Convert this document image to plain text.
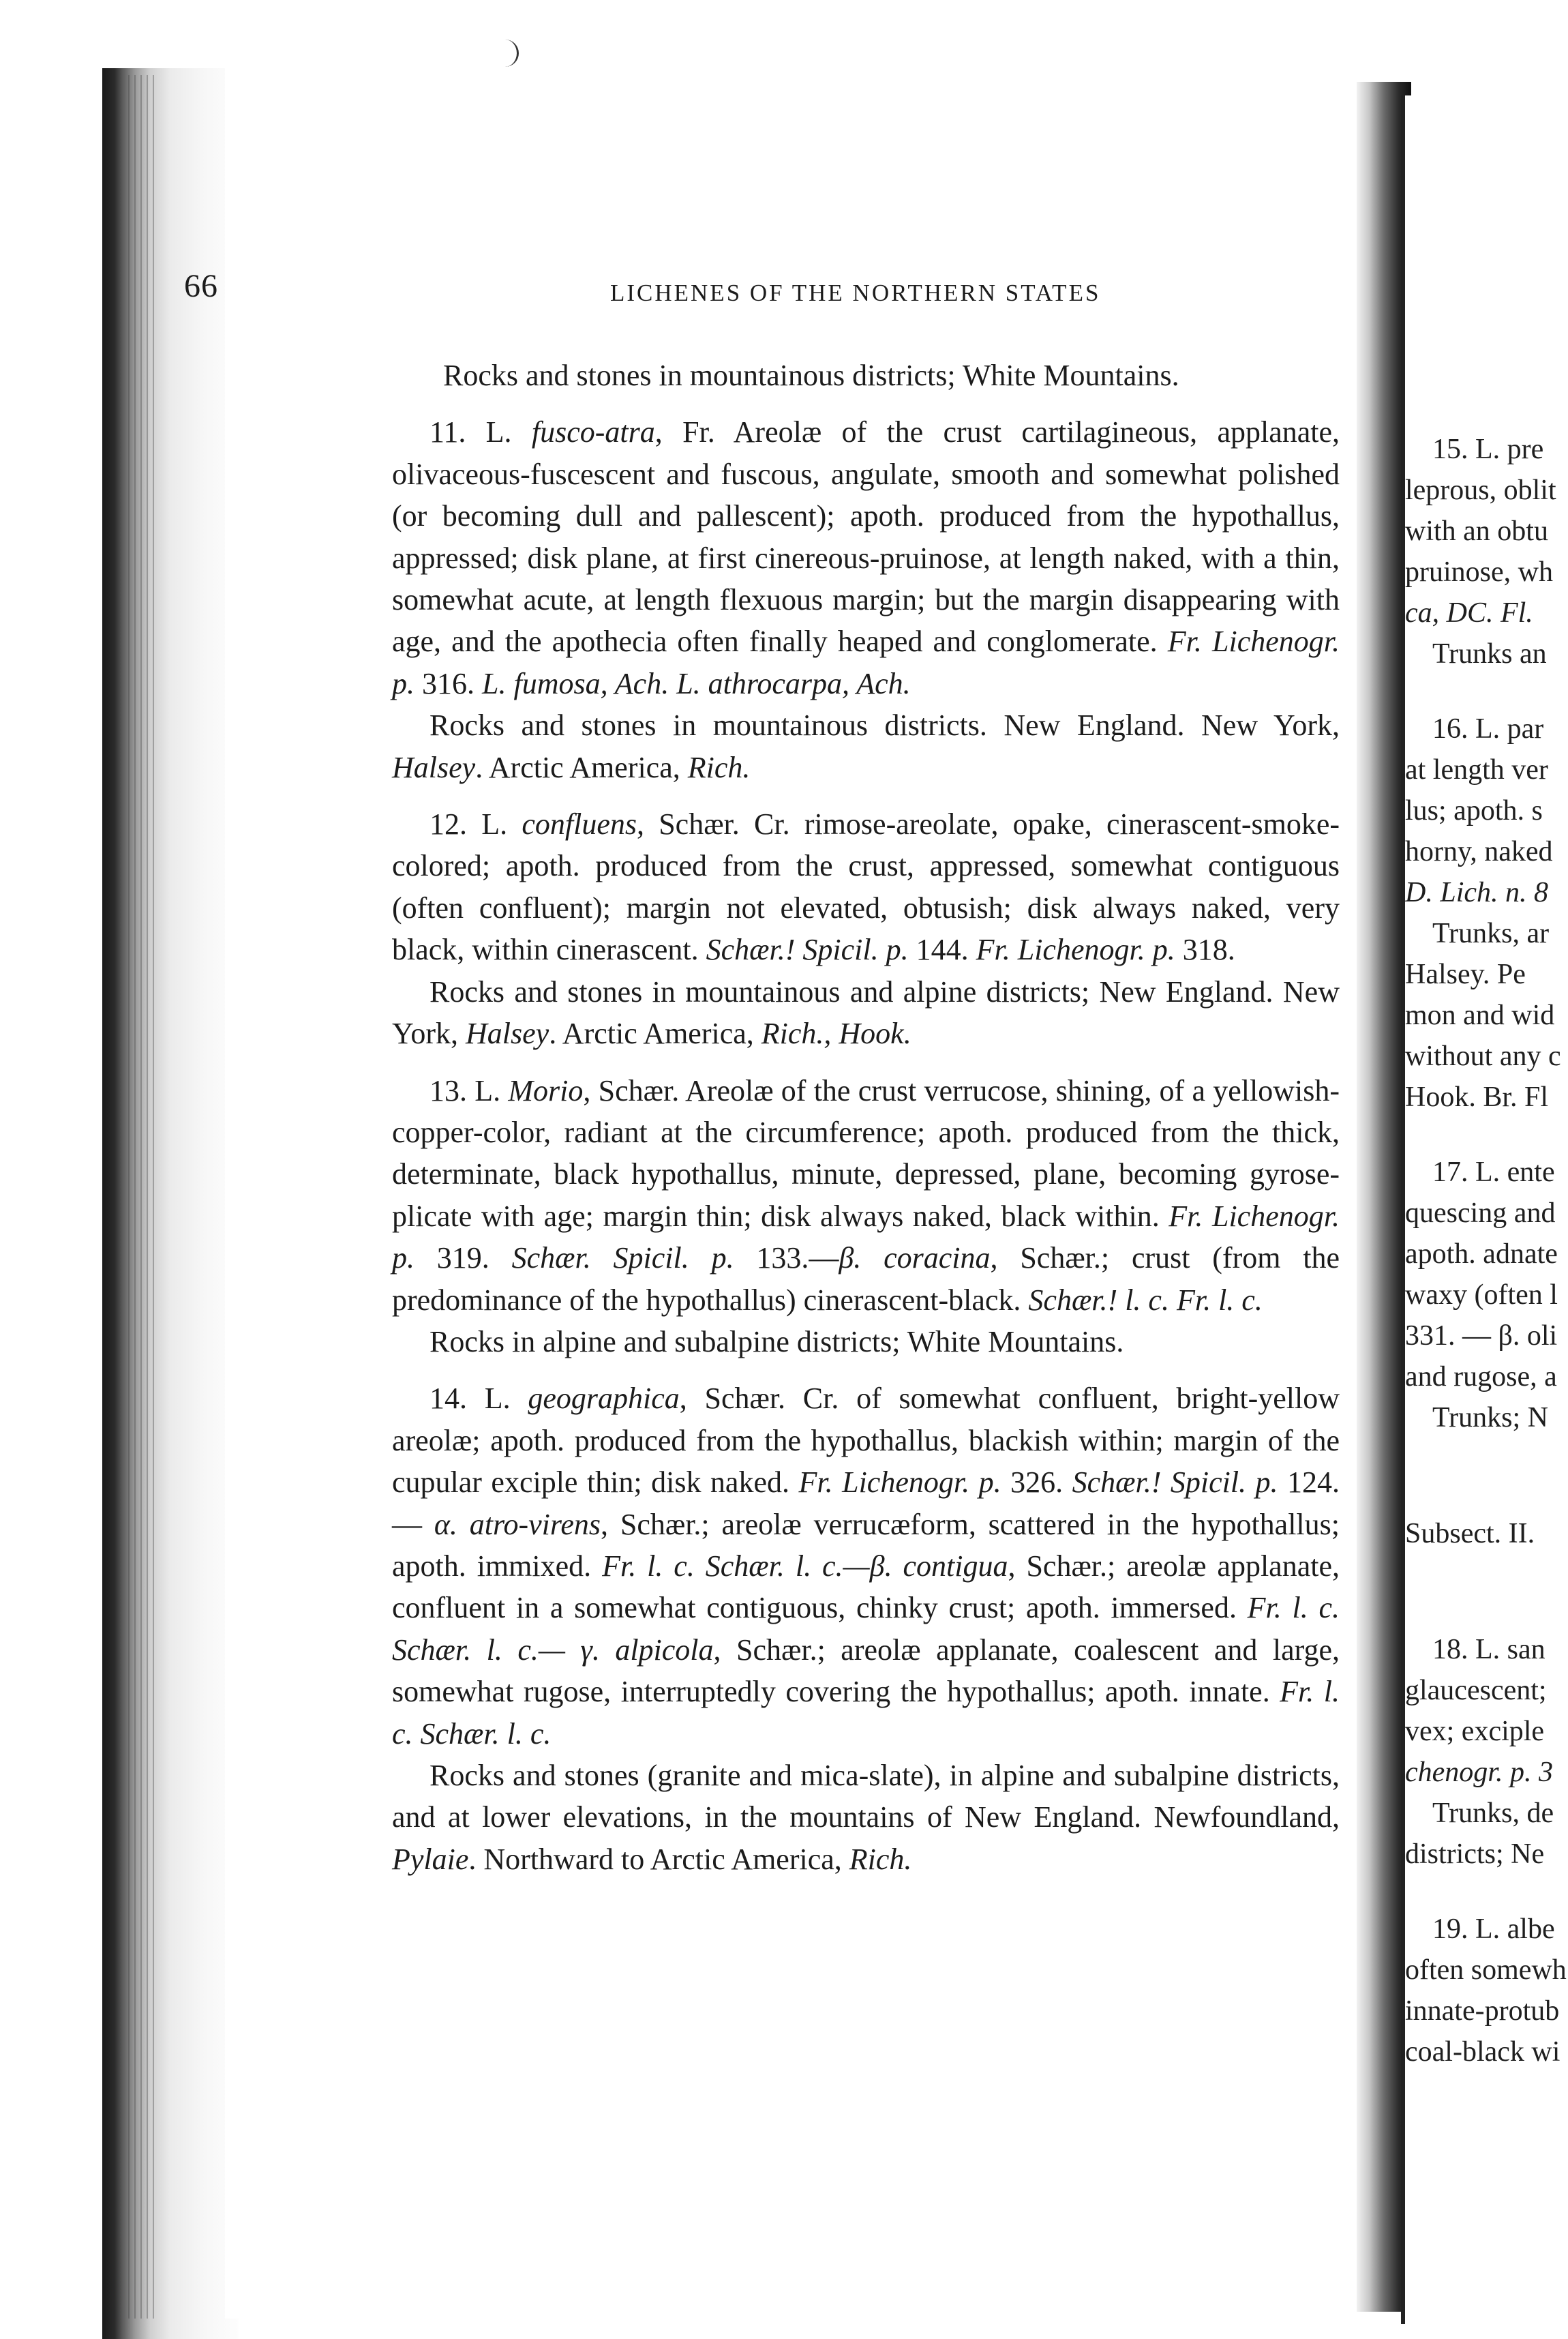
66	LICHENES OF THE NORTHERN STATES

Rocks and stones in mountainous districts; White Mountains.

11. L. fusco-atra, Fr. Areolæ of the crust cartilagineous, applanate, olivaceous-fuscescent and fuscous, angulate, smooth and somewhat polished (or becoming dull and pallescent); apoth. produced from the hypothallus, appressed; disk plane, at first cinereous-pruinose, at length naked, with a thin, somewhat acute, at length flexuous margin; but the margin disappearing with age, and the apothecia often finally heaped and conglomerate. Fr. Lichenogr. p. 316. L. fumosa, Ach. L. athrocarpa, Ach.

Rocks and stones in mountainous districts. New England. New York, Halsey. Arctic America, Rich.

12. L. confluens, Schær. Cr. rimose-areolate, opake, cinerascent-smoke-colored; apoth. produced from the crust, appressed, somewhat contiguous (often confluent); margin not elevated, obtusish; disk always naked, very black, within cinerascent. Schær.! Spicil. p. 144. Fr. Lichenogr. p. 318.

Rocks and stones in mountainous and alpine districts; New England. New York, Halsey. Arctic America, Rich., Hook.

13. L. Morio, Schær. Areolæ of the crust verrucose, shining, of a yellowish-copper-color, radiant at the circumference; apoth. produced from the thick, determinate, black hypothallus, minute, depressed, plane, becoming gyrose-plicate with age; margin thin; disk always naked, black within. Fr. Lichenogr. p. 319. Schær. Spicil. p. 133.—β. coracina, Schær.; crust (from the predominance of the hypothallus) cinerascent-black. Schær.! l. c. Fr. l. c.

Rocks in alpine and subalpine districts; White Mountains.

14. L. geographica, Schær. Cr. of somewhat confluent, bright-yellow areolæ; apoth. produced from the hypothallus, blackish within; margin of the cupular exciple thin; disk naked. Fr. Lichenogr. p. 326. Schær.! Spicil. p. 124.— α. atro-virens, Schær.; areolæ verrucæform, scattered in the hypothallus; apoth. immixed. Fr. l. c. Schær. l. c.—β. contigua, Schær.; areolæ applanate, confluent in a somewhat contiguous, chinky crust; apoth. immersed. Fr. l. c. Schær. l. c.— γ. alpicola, Schær.; areolæ applanate, coalescent and large, somewhat rugose, interruptedly covering the hypothallus; apoth. innate. Fr. l. c. Schær. l. c.

Rocks and stones (granite and mica-slate), in alpine and subalpine districts, and at lower elevations, in the mountains of New England. Newfoundland, Pylaie. Northward to Arctic America, Rich.

15. L. pre
leprous, oblit
with an obtu
pruinose, wh
ca, DC. Fl.
Trunks an
16. L. par
at length ver
lus; apoth. s
horny, naked
D. Lich. n. 8
Trunks, ar
Halsey. Pe
mon and wid
without any c
Hook. Br. Fl
17. L. ente
quescing and
apoth. adnate
waxy (often l
331. — β. oli
and rugose, a
Trunks; N
Subsect. II.
18. L. san
glaucescent;
vex; exciple
chenogr. p. 3
Trunks, de
districts; Ne
19. L. albe
often somewh
innate-protub
coal-black wi
